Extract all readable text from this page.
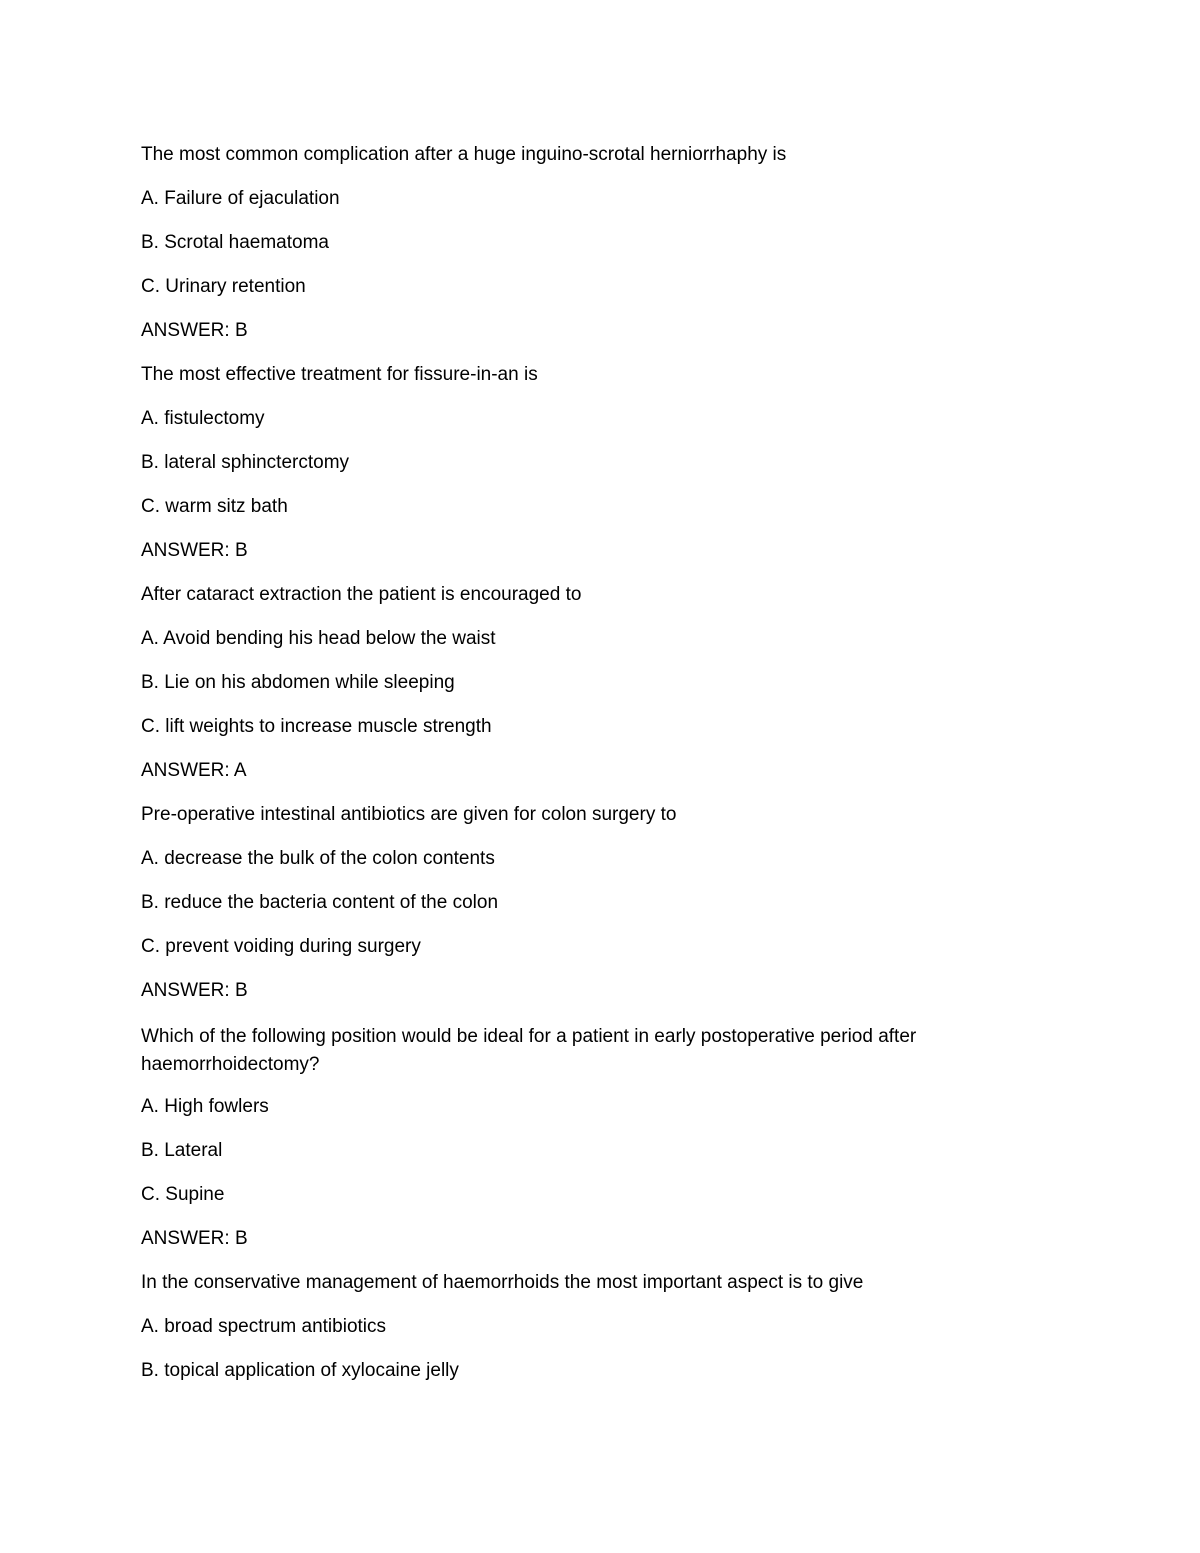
The most common complication after a huge inguino-scrotal herniorrhaphy is
A. Failure of ejaculation
B. Scrotal haematoma
C. Urinary retention
ANSWER: B
The most effective treatment for fissure-in-an is
A. fistulectomy
B. lateral sphincterctomy
C. warm sitz bath
ANSWER: B
After cataract extraction the patient is encouraged to
A. Avoid bending his head below the waist
B. Lie on his abdomen while sleeping
C. lift weights to increase muscle strength
ANSWER: A
Pre-operative intestinal antibiotics are given for colon surgery to
A. decrease the bulk of the colon contents
B. reduce the bacteria content of the colon
C. prevent voiding during surgery
ANSWER: B
Which of the following position would be ideal for a patient in early postoperative period after haemorrhoidectomy?
A. High fowlers
B. Lateral
C. Supine
ANSWER: B
In the conservative management of haemorrhoids the most important aspect is to give
A. broad spectrum antibiotics
B. topical application of xylocaine jelly
